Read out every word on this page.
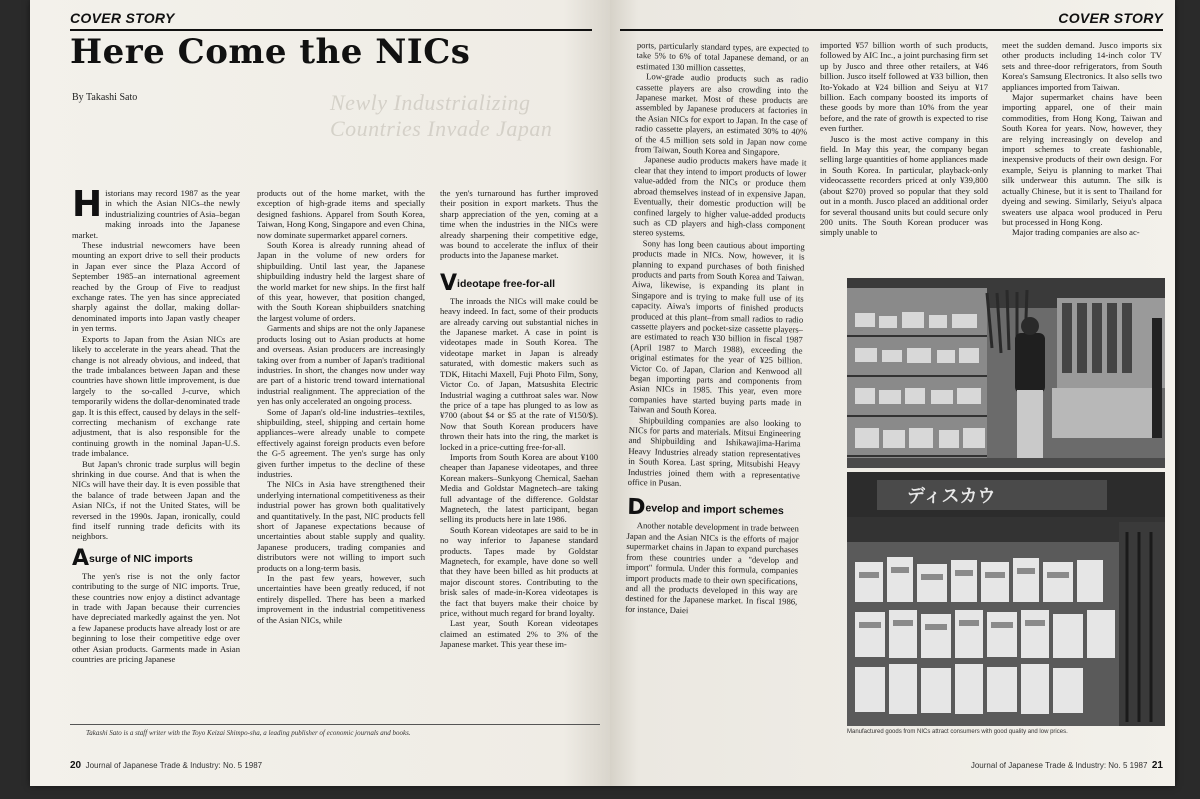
COVER STORY
Here Come the NICs
By Takashi Sato	Newly Industrializing Countries Invade Japan

Historians may record 1987 as the year in which the Asian NICs–the newly industrializing countries of Asia–began making inroads into the Japanese market.

These industrial newcomers have been mounting an export drive to sell their products in Japan ever since the Plaza Accord of September 1985–an international agreement reached by the Group of Five to readjust exchange rates. The yen has since appreciated sharply against the dollar, making dollar-denominated imports into Japan vastly cheaper in yen terms.

Exports to Japan from the Asian NICs are likely to accelerate in the years ahead. That the change is not already obvious, and indeed, that the trade imbalances between Japan and these countries have shown little improvement, is due largely to the so-called J-curve, which temporarily widens the dollar-denominated trade gap. It is this effect, caused by delays in the self-correcting mechanism of exchange rate adjustment, that is also responsible for the continuing growth in the nominal Japan-U.S. trade imbalance.

But Japan's chronic trade surplus will begin shrinking in due course. And that is when the NICs will have their day. It is even possible that the balance of trade between Japan and the Asian NICs, if not the United States, will be reversed in the 1990s. Japan, ironically, could find itself running trade deficits with its neighbors.

Asurge of NIC imports

The yen's rise is not the only factor contributing to the surge of NIC imports. True, these countries now enjoy a distinct advantage in trade with Japan because their currencies have depreciated markedly against the yen. Not a few Japanese products have already lost or are beginning to lose their competitive edge over other Asian products. Garments made in Asian countries are pricing Japanese

products out of the home market, with the exception of high-grade items and specially designed fashions. Apparel from South Korea, Taiwan, Hong Kong, Singapore and even China, now dominate supermarket apparel corners.

South Korea is already running ahead of Japan in the volume of new orders for shipbuilding. Until last year, the Japanese shipbuilding industry held the largest share of the world market for new ships. In the first half of this year, however, that position changed, with the South Korean shipbuilders snatching the largest volume of orders.

Garments and ships are not the only Japanese products losing out to Asian products at home and overseas. Asian producers are increasingly taking over from a number of Japan's traditional industries. In short, the changes now under way are part of a historic trend toward international industrial realignment. The appreciation of the yen has only accelerated an ongoing process.

Some of Japan's old-line industries–textiles, shipbuilding, steel, shipping and certain home appliances–were already unable to compete effectively against foreign products even before the G-5 agreement. The yen's surge has only given further impetus to the decline of these industries.

The NICs in Asia have strengthened their underlying international competitiveness as their industrial power has grown both qualitatively and quantitatively. In the past, NIC products fell short of Japanese expectations because of uncertainties about stable supply and quality. Japanese producers, trading companies and distributors were not willing to import such products on a long-term basis.

In the past few years, however, such uncertainties have been greatly reduced, if not entirely dispelled. There has been a marked improvement in the industrial competitiveness of the Asian NICs, while

the yen's turnaround has further improved their position in export markets. Thus the sharp appreciation of the yen, coming at a time when the industries in the NICs were already sharpening their competitive edge, was bound to accelerate the influx of their products into the Japanese market.

Videotape free-for-all

The inroads the NICs will make could be heavy indeed. In fact, some of their products are already carving out substantial niches in the Japanese market. A case in point is videotapes made in South Korea. The videotape market in Japan is already saturated, with domestic makers such as TDK, Hitachi Maxell, Fuji Photo Film, Sony, Victor Co. of Japan, Matsushita Electric Industrial waging a cutthroat sales war. Now the price of a tape has plunged to as low as ¥700 (about $4 or $5 at the rate of ¥150/$). Now that South Korean producers have thrown their hats into the ring, the market is locked in a price-cutting free-for-all.

Imports from South Korea are about ¥100 cheaper than Japanese videotapes, and three Korean makers–Sunkyong Chemical, Saehan Media and Goldstar Magnetech–are taking full advantage of the difference. Goldstar Magnetech, the latest participant, began selling its products here in late 1986.

South Korean videotapes are said to be in no way inferior to Japanese standard products. Tapes made by Goldstar Magnetech, for example, have done so well that they have been billed as hit products at major discount stores. Contributing to the brisk sales of made-in-Korea videotapes is the fact that buyers make their choice by price, without much regard for brand loyalty.

Last year, South Korean videotapes claimed an estimated 2% to 3% of the Japanese market. This year these im-

Takashi Sato is a staff writer with the Toyo Keizai Shimpo-sha, a leading publisher of economic journals and books.
20 Journal of Japanese Trade & Industry: No. 5 1987
COVER STORY

ports, particularly standard types, are expected to take 5% to 6% of total Japanese demand, or an estimated 130 million cassettes.

Low-grade audio products such as radio cassette players are also crowding into the Japanese market. Most of these products are assembled by Japanese producers at factories in the Asian NICs for export to Japan. In the case of radio cassette players, an estimated 30% to 40% of the 4.5 million sets sold in Japan now come from Taiwan, South Korea and Singapore.

Japanese audio products makers have made it clear that they intend to import products of lower value-added from the NICs or produce them abroad themselves instead of in expensive Japan. Eventually, their domestic production will be confined largely to higher value-added products such as CD players and high-class component stereo systems.

Sony has long been cautious about importing products made in NICs. Now, however, it is planning to expand purchases of both finished products and parts from South Korea and Taiwan. Aiwa, likewise, is expanding its plant in Singapore and is trying to make full use of its capacity. Aiwa's imports of finished products produced at this plant–from small radios to radio cassette players and pocket-size cassette players–are estimated to reach ¥30 billion in fiscal 1987 (April 1987 to March 1988), exceeding the original estimates for the year of ¥25 billion. Victor Co. of Japan, Clarion and Kenwood all began importing parts and components from Asian NICs in 1985. This year, even more companies have started buying parts made in Taiwan and South Korea.

Shipbuilding companies are also looking to NICs for parts and materials. Mitsui Engineering and Shipbuilding and Ishikawajima-Harima Heavy Industries already station representatives in South Korea. Last spring, Mitsubishi Heavy Industries joined them with a representative office in Pusan.

Develop and import schemes

Another notable development in trade between Japan and the Asian NICs is the efforts of major supermarket chains in Japan to expand purchases from these countries under a "develop and import" formula. Under this formula, companies import products made to their own specifications, and all the products developed in this way are destined for the Japanese market. In fiscal 1986, for instance, Daiei

imported ¥57 billion worth of such products, followed by AIC Inc., a joint purchasing firm set up by Jusco and three other retailers, at ¥46 billion. Jusco itself followed at ¥33 billion, then Ito-Yokado at ¥24 billion and Seiyu at ¥17 billion. Each company boosted its imports of these goods by more than 10% from the year before, and the rate of growth is expected to rise even further.

Jusco is the most active company in this field. In May this year, the company began selling large quantities of home appliances made in South Korea. In particular, playback-only videocassette recorders priced at only ¥39,800 (about $270) proved so popular that they sold out in a month. Jusco placed an additional order for several thousand units but could secure only 200 units. The South Korean producer was simply unable to

meet the sudden demand. Jusco imports six other products including 14-inch color TV sets and three-door refrigerators, from South Korea's Samsung Electronics. It also sells two appliances imported from Taiwan.

Major supermarket chains have been importing apparel, one of their main commodities, from Hong Kong, Taiwan and South Korea for years. Now, however, they are relying increasingly on develop and import schemes to create fashionable, inexpensive products of their own design. For example, Seiyu is planning to market Thai silk underwear this autumn. The silk is actually Chinese, but it is sent to Thailand for dyeing and sewing. Similarly, Seiyu's alpaca sweaters use alpaca wool produced in Peru but processed in Hong Kong.

Major trading companies are also ac-

ディスカウ
Manufactured goods from NICs attract consumers with good quality and low prices.
Journal of Japanese Trade & Industry: No. 5 1987 21
